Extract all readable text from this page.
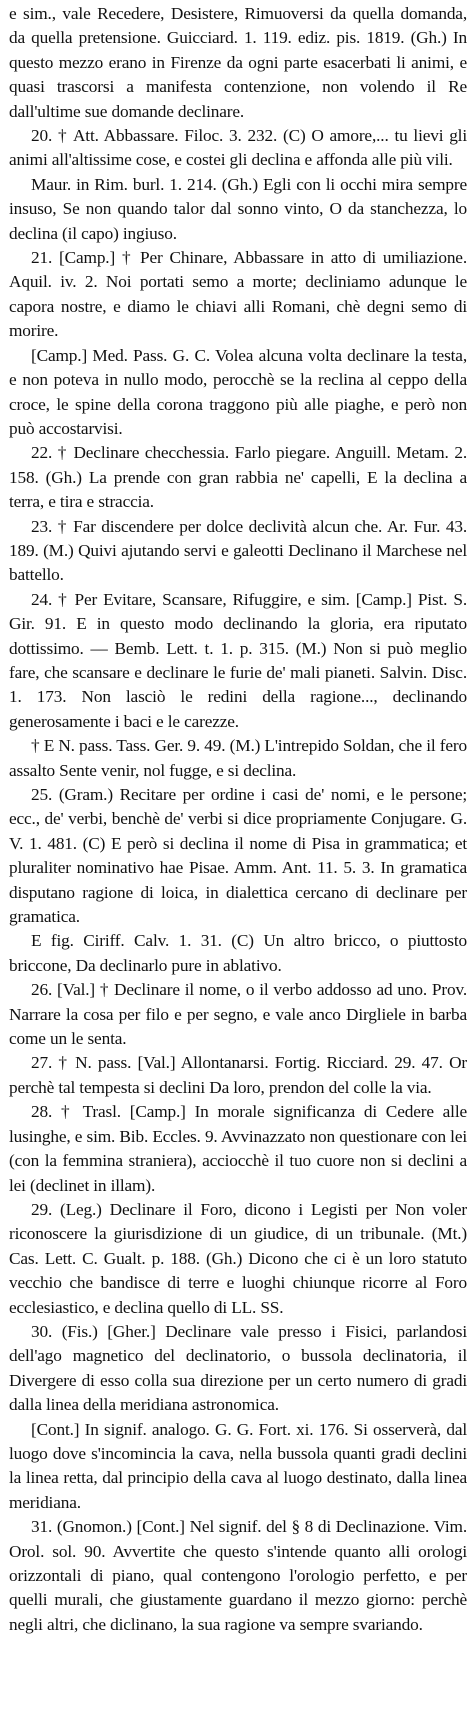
e sim., vale Recedere, Desistere, Rimuoversi da quella domanda, da quella pretensione. Guicciard. 1. 119. ediz. pis. 1819. (Gh.) In questo mezzo erano in Firenze da ogni parte esacerbati li animi, e quasi trascorsi a manifesta contenzione, non volendo il Re dall'ultime sue domande declinare.

20. † Att. Abbassare. Filoc. 3. 232. (C) O amore,... tu lievi gli animi all'altissime cose, e costei gli declina e affonda alle più vili.

Maur. in Rim. burl. 1. 214. (Gh.) Egli con li occhi mira sempre insuso, Se non quando talor dal sonno vinto, O da stanchezza, lo declina (il capo) ingiuso.

21. [Camp.] † Per Chinare, Abbassare in atto di umiliazione. Aquil. iv. 2. Noi portati semo a morte; decliniamo adunque le capora nostre, e diamo le chiavi alli Romani, chè degni semo di morire.

[Camp.] Med. Pass. G. C. Volea alcuna volta declinare la testa, e non poteva in nullo modo, perocchè se la reclina al ceppo della croce, le spine della corona traggono più alle piaghe, e però non può accostarvisi.

22. † Declinare checchessia. Farlo piegare. Anguill. Metam. 2. 158. (Gh.) La prende con gran rabbia ne' capelli, E la declina a terra, e tira e straccia.

23. † Far discendere per dolce declività alcun che. Ar. Fur. 43. 189. (M.) Quivi ajutando servi e galeotti Declinano il Marchese nel battello.

24. † Per Evitare, Scansare, Rifuggire, e sim. [Camp.] Pist. S. Gir. 91. E in questo modo declinando la gloria, era riputato dottissimo. — Bemb. Lett. t. 1. p. 315. (M.) Non si può meglio fare, che scansare e declinare le furie de' mali pianeti. Salvin. Disc. 1. 173. Non lasciò le redini della ragione..., declinando generosamente i baci e le carezze.

† E N. pass. Tass. Ger. 9. 49. (M.) L'intrepido Soldan, che il fero assalto Sente venir, nol fugge, e si declina.

25. (Gram.) Recitare per ordine i casi de' nomi, e le persone; ecc., de' verbi, benchè de' verbi si dice propriamente Conjugare. G. V. 1. 481. (C) E però si declina il nome di Pisa in grammatica; et pluraliter nominativo hae Pisae. Amm. Ant. 11. 5. 3. In gramatica disputano ragione di loica, in dialettica cercano di declinare per gramatica.

E fig. Ciriff. Calv. 1. 31. (C) Un altro bricco, o piuttosto briccone, Da declinarlo pure in ablativo.

26. [Val.] † Declinare il nome, o il verbo addosso ad uno. Prov. Narrare la cosa per filo e per segno, e vale anco Dirgliele in barba come un le senta.

27. † N. pass. [Val.] Allontanarsi. Fortig. Ricciard. 29. 47. Or perchè tal tempesta si declini Da loro, prendon del colle la via.

28. † Trasl. [Camp.] In morale significanza di Cedere alle lusinghe, e sim. Bib. Eccles. 9. Avvinazzato non questionare con lei (con la femmina straniera), acciocchè il tuo cuore non si declini a lei (declinet in illam).

29. (Leg.) Declinare il Foro, dicono i Legisti per Non voler riconoscere la giurisdizione di un giudice, di un tribunale. (Mt.) Cas. Lett. C. Gualt. p. 188. (Gh.) Dicono che ci è un loro statuto vecchio che bandisce di terre e luoghi chiunque ricorre al Foro ecclesiastico, e declina quello di LL. SS.

30. (Fis.) [Gher.] Declinare vale presso i Fisici, parlandosi dell'ago magnetico del declinatorio, o bussola declinatoria, il Divergere di esso colla sua direzione per un certo numero di gradi dalla linea della meridiana astronomica.

[Cont.] In signif. analogo. G. G. Fort. xi. 176. Si osserverà, dal luogo dove s'incomincia la cava, nella bussola quanti gradi declini la linea retta, dal principio della cava al luogo destinato, dalla linea meridiana.

31. (Gnomon.) [Cont.] Nel signif. del § 8 di Declinazione. Vim. Orol. sol. 90. Avvertite che questo s'intende quanto alli orologi orizzontali di piano, qual contengono l'orologio perfetto, e per quelli murali, che giustamente guardano il mezzo giorno: perchè negli altri, che diclinano, la sua ragione va sempre svariando.
